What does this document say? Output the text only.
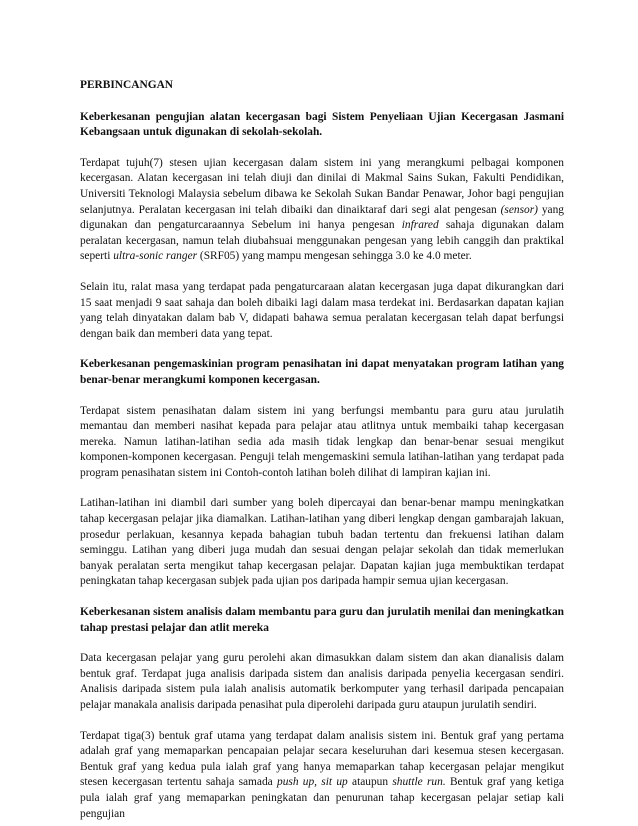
PERBINCANGAN

Keberkesanan pengujian alatan kecergasan bagi Sistem Penyeliaan Ujian Kecergasan Jasmani Kebangsaan untuk digunakan di sekolah-sekolah.

Terdapat tujuh(7) stesen ujian kecergasan dalam sistem ini yang merangkumi pelbagai komponen kecergasan. Alatan kecergasan ini telah diuji dan dinilai di Makmal Sains Sukan, Fakulti Pendidikan, Universiti Teknologi Malaysia sebelum dibawa ke Sekolah Sukan Bandar Penawar, Johor bagi pengujian selanjutnya. Peralatan kecergasan ini telah dibaiki dan dinaiktaraf dari segi alat pengesan (sensor) yang digunakan dan pengaturcaraannya Sebelum ini hanya pengesan infrared sahaja digunakan dalam peralatan kecergasan, namun telah diubahsuai menggunakan pengesan yang lebih canggih dan praktikal seperti ultra-sonic ranger (SRF05) yang mampu mengesan sehingga 3.0 ke 4.0 meter.

Selain itu, ralat masa yang terdapat pada pengaturcaraan alatan kecergasan juga dapat dikurangkan dari 15 saat menjadi 9 saat sahaja dan boleh dibaiki lagi dalam masa terdekat ini. Berdasarkan dapatan kajian yang telah dinyatakan dalam bab V, didapati bahawa semua peralatan kecergasan telah dapat berfungsi dengan baik dan memberi data yang tepat.

Keberkesanan pengemaskinian program penasihatan ini dapat menyatakan program latihan yang benar-benar merangkumi komponen kecergasan.

Terdapat sistem penasihatan dalam sistem ini yang berfungsi membantu para guru atau jurulatih memantau dan memberi nasihat kepada para pelajar atau atlitnya untuk membaiki tahap kecergasan mereka. Namun latihan-latihan sedia ada masih tidak lengkap dan benar-benar sesuai mengikut komponen-komponen kecergasan. Penguji telah mengemaskini semula latihan-latihan yang terdapat pada program penasihatan sistem ini Contoh-contoh latihan boleh dilihat di lampiran kajian ini.

Latihan-latihan ini diambil dari sumber yang boleh dipercayai dan benar-benar mampu meningkatkan tahap kecergasan pelajar jika diamalkan. Latihan-latihan yang diberi lengkap dengan gambarajah lakuan, prosedur perlakuan, kesannya kepada bahagian tubuh badan tertentu dan frekuensi latihan dalam seminggu. Latihan yang diberi juga mudah dan sesuai dengan pelajar sekolah dan tidak memerlukan banyak peralatan serta mengikut tahap kecergasan pelajar. Dapatan kajian juga membuktikan terdapat peningkatan tahap kecergasan subjek pada ujian pos daripada hampir semua ujian kecergasan.

Keberkesanan sistem analisis dalam membantu para guru dan jurulatih menilai dan meningkatkan tahap prestasi pelajar dan atlit mereka

Data kecergasan pelajar yang guru perolehi akan dimasukkan dalam sistem dan akan dianalisis dalam bentuk graf. Terdapat juga analisis daripada sistem dan analisis daripada penyelia kecergasan sendiri. Analisis daripada sistem pula ialah analisis automatik berkomputer yang terhasil daripada pencapaian pelajar manakala analisis daripada penasihat pula diperolehi daripada guru ataupun jurulatih sendiri.

Terdapat tiga(3) bentuk graf utama yang terdapat dalam analisis sistem ini. Bentuk graf yang pertama adalah graf yang memaparkan pencapaian pelajar secara keseluruhan dari kesemua stesen kecergasan. Bentuk graf yang kedua pula ialah graf yang hanya memaparkan tahap kecergasan pelajar mengikut stesen kecergasan tertentu sahaja samada push up, sit up ataupun shuttle run. Bentuk graf yang ketiga pula ialah graf yang memaparkan peningkatan dan penurunan tahap kecergasan pelajar setiap kali pengujian
